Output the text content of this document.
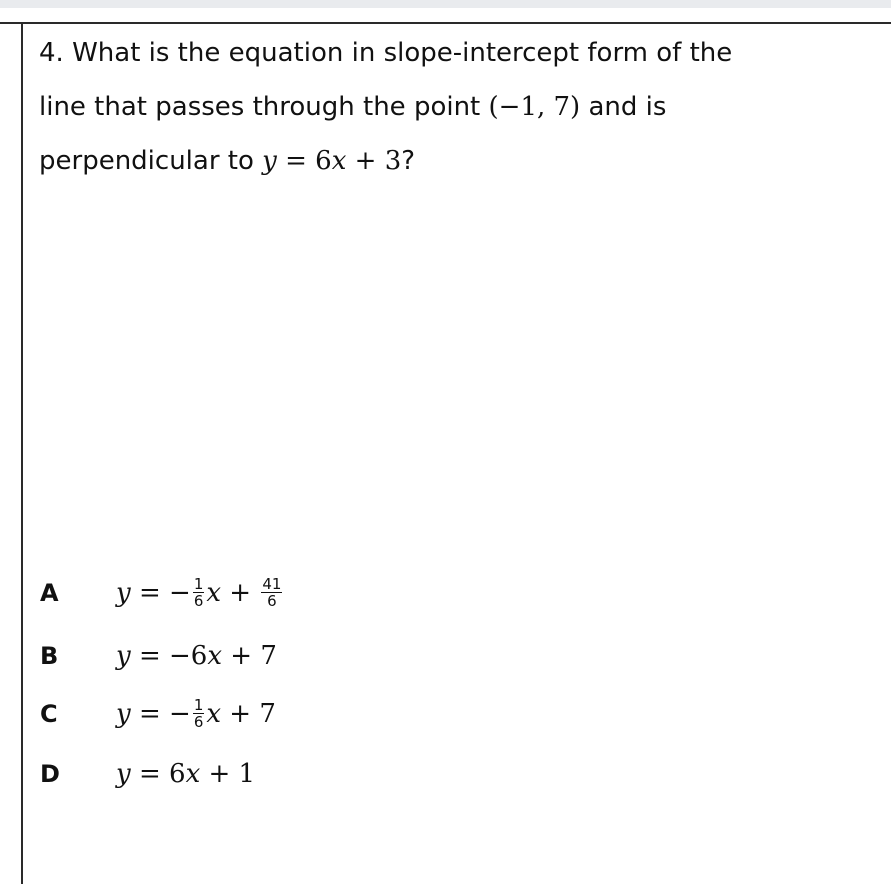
4. What is the equation in slope-intercept form of the
line that passes through the point (−1, 7) and is
perpendicular to y = 6x + 3?
A y = − $\frac{1}{6}$ $x + \frac{41}{6}$
B y = −6x + 7
C y = − $\frac{1}{6}$ x + 7
D y = 6x + 1
